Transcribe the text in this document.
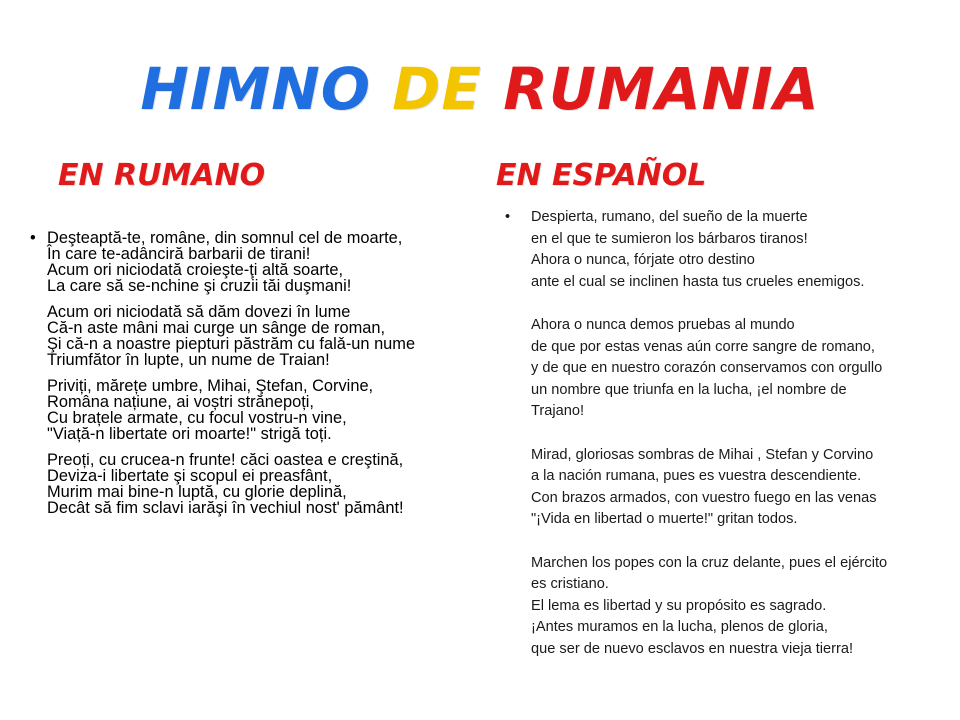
HIMNO DE RUMANIA
EN RUMANO	EN ESPAÑOL
• Deşteaptă-te, române, din somnul cel de moarte,
În care te-adânciră barbarii de tirani!
Acum ori niciodată croieşte-ţi altă soarte,
La care să se-nchine şi cruzii tăi duşmani!

Acum ori niciodată să dăm dovezi în lume
Că-n aste mâni mai curge un sânge de roman,
Şi că-n a noastre piepturi păstrăm cu falǎ-un nume
Triumfător în lupte, un nume de Traian!

Priviți, mărețe umbre, Mihai, Ştefan, Corvine,
Româna națiune, ai voștri strănepoți,
Cu brațele armate, cu focul vostru-n vine,
"Viață-n libertate ori moarte!" strigă toți.

Preoți, cu crucea-n frunte! căci oastea e creştină,
Deviza-i libertate şi scopul ei preasfânt,
Murim mai bine-n luptă, cu glorie deplină,
Decât să fim sclavi iarăşi în vechiul nost' pământ!

• Despierta, rumano, del sueño de la muerte
en el que te sumieron los bárbaros tiranos!
Ahora o nunca, fórjate otro destino
ante el cual se inclinen hasta tus crueles enemigos.

Ahora o nunca demos pruebas al mundo
de que por estas venas aún corre sangre de romano,
y de que en nuestro corazón conservamos con orgullo
un nombre que triunfa en la lucha, ¡el nombre de
Trajano!

Mirad, gloriosas sombras de Mihai , Stefan y Corvino
a la nación rumana, pues es vuestra descendiente.
Con brazos armados, con vuestro fuego en las venas
"¡Vida en libertad o muerte!" gritan todos.

Marchen los popes con la cruz delante, pues el ejército
es cristiano.
El lema es libertad y su propósito es sagrado.
¡Antes muramos en la lucha, plenos de gloria,
que ser de nuevo esclavos en nuestra vieja tierra!
